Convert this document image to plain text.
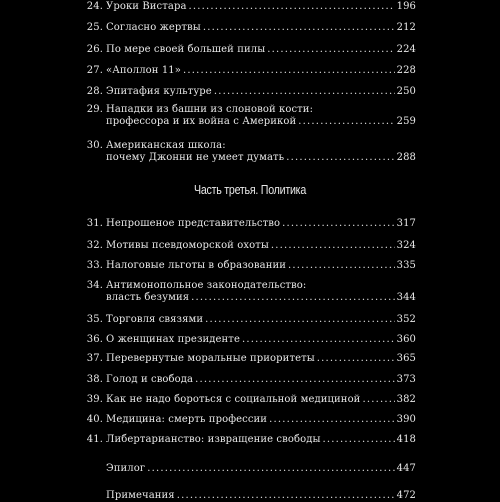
Часть третья. Политика
24. Уроки Вистара .....	196
25. Согласно жертвы .....	212
26. По мере своей большей пилы .....	224
27. «Аполлон 11» .....	228
28. Эпитафия культуре .....	250
29. Нападки из башни из слоновой кости:
профессора и их война с Америкой .....	259
30. Американская школа:
почему Джонни не умеет думать .....	288
31. Непрошеное представительство .....	317
32. Мотивы псевдоморской охоты .....	324
33. Налоговые льготы в образовании .....	335
34. Антимонопольное законодательство:
власть безумия .....	344
35. Торговля связями .....	352
36. О женщинах президенте .....	360
37. Перевернутые моральные приоритеты .....	365
38. Голод и свобода .....	373
39. Как не надо бороться с социальной медициной .....	382
40. Медицина: смерть профессии .....	390
41. Либертарианство: извращение свободы .....	418
Эпилог .....	447
Примечания .....	472
